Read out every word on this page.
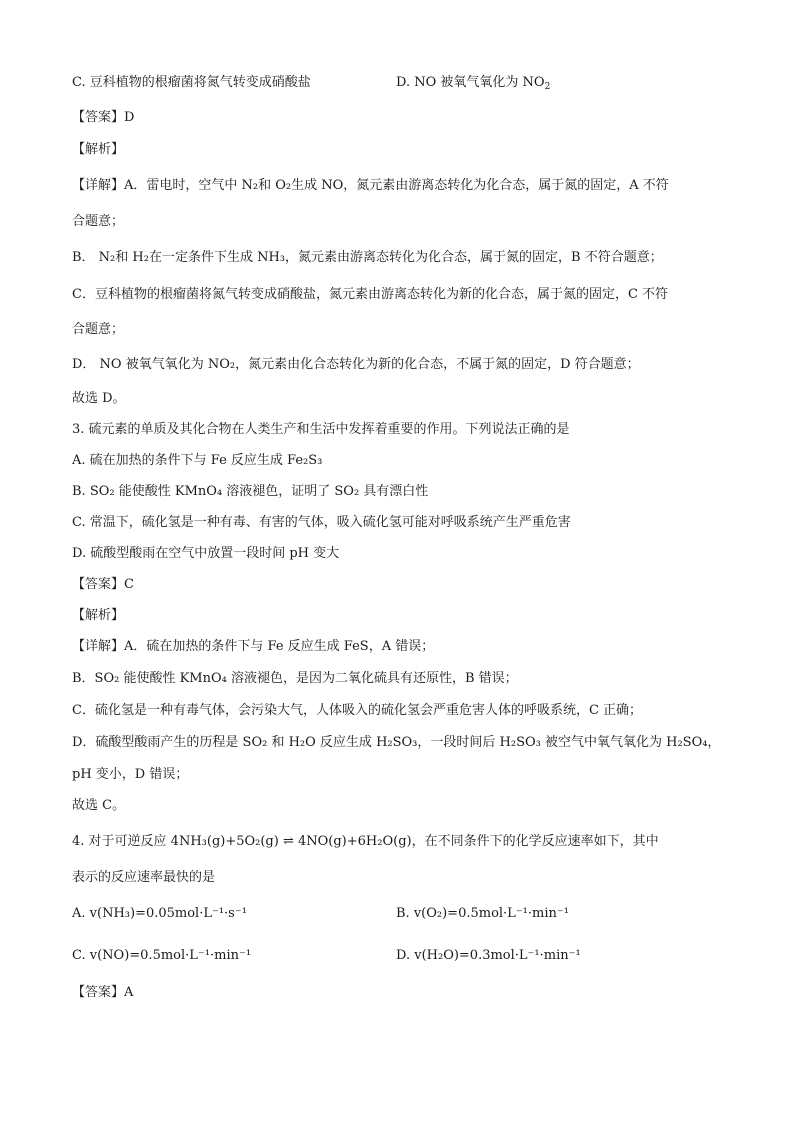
C. 豆科植物的根瘤菌将氮气转变成硝酸盐	D. NO 被氧气氧化为 $NO_2$
【答案】D
【解析】
【详解】A．雷电时，空气中 N₂和 O₂生成 NO，氮元素由游离态转化为化合态，属于氮的固定，A 不符
合题意；
B． N₂和 H₂在一定条件下生成 NH₃，氮元素由游离态转化为化合态，属于氮的固定，B 不符合题意；
C．豆科植物的根瘤菌将氮气转变成硝酸盐，氮元素由游离态转化为新的化合态，属于氮的固定，C 不符
合题意；
D． NO 被氧气氧化为 NO₂，氮元素由化合态转化为新的化合态，不属于氮的固定，D 符合题意；
故选 D。
3. 硫元素的单质及其化合物在人类生产和生活中发挥着重要的作用。下列说法正确的是
A. 硫在加热的条件下与 Fe 反应生成 Fe₂S₃
B. SO₂ 能使酸性 KMnO₄ 溶液褪色，证明了 SO₂ 具有漂白性
C. 常温下，硫化氢是一种有毒、有害的气体，吸入硫化氢可能对呼吸系统产生严重危害
D. 硫酸型酸雨在空气中放置一段时间 pH 变大
【答案】C
【解析】
【详解】A．硫在加热的条件下与 Fe 反应生成 FeS，A 错误；
B．SO₂ 能使酸性 KMnO₄ 溶液褪色，是因为二氧化硫具有还原性，B 错误；
C．硫化氢是一种有毒气体，会污染大气，人体吸入的硫化氢会严重危害人体的呼吸系统，C 正确；
D．硫酸型酸雨产生的历程是 SO₂ 和 H₂O 反应生成 H₂SO₃，一段时间后 H₂SO₃ 被空气中氧气氧化为 H₂SO₄，
pH 变小，D 错误；
故选 C。
4. 对于可逆反应 4NH₃(g)+5O₂(g) ⇌ 4NO(g)+6H₂O(g)，在不同条件下的化学反应速率如下，其中
表示的反应速率最快的是
A. v(NH₃)=0.05mol·L⁻¹·s⁻¹	B. v(O₂)=0.5mol·L⁻¹·min⁻¹
C. v(NO)=0.5mol·L⁻¹·min⁻¹	D. v(H₂O)=0.3mol·L⁻¹·min⁻¹
【答案】A
